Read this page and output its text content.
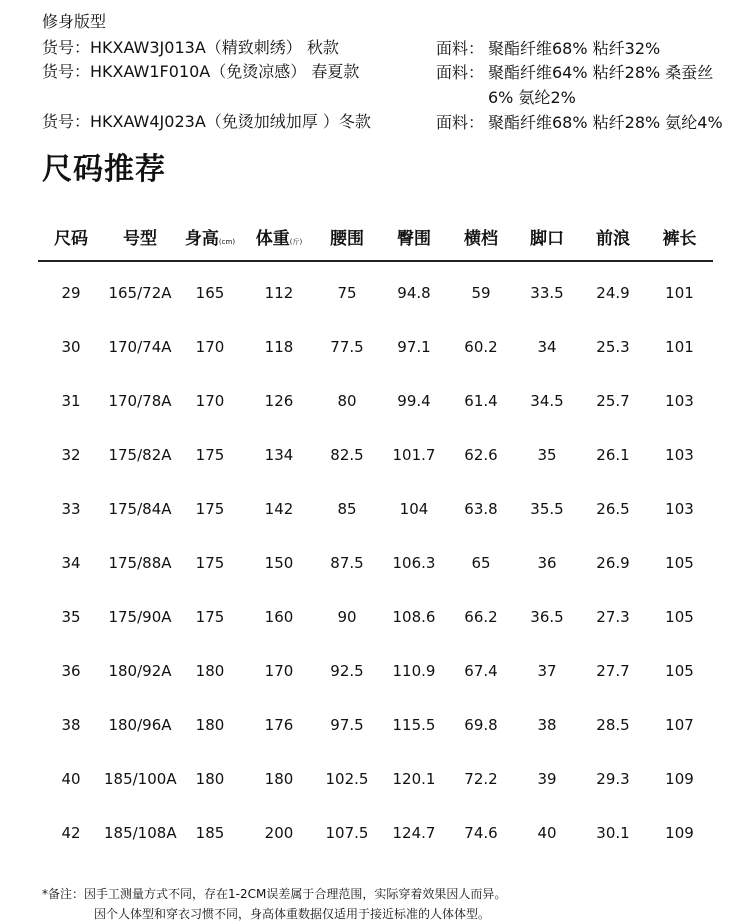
修身版型
货号：HKXAW3J013A（精致刺绣） 秋款	面料： 聚酯纤维68% 粘纤32%
货号：HKXAW1F010A（免烫凉感） 春夏款	面料： 聚酯纤维64% 粘纤28% 桑蚕丝6% 氨纶2%
货号：HKXAW4J023A（免烫加绒加厚 ）冬款	面料： 聚酯纤维68% 粘纤28% 氨纶4%
尺码推荐
尺码	号型	身高(cm)	体重(斤)	腰围	臀围	横档	脚口	前浪	裤长
29	165/72A	165	112	75	94.8	59	33.5	24.9	101
30	170/74A	170	118	77.5	97.1	60.2	34	25.3	101
31	170/78A	170	126	80	99.4	61.4	34.5	25.7	103
32	175/82A	175	134	82.5	101.7	62.6	35	26.1	103
33	175/84A	175	142	85	104	63.8	35.5	26.5	103
34	175/88A	175	150	87.5	106.3	65	36	26.9	105
35	175/90A	175	160	90	108.6	66.2	36.5	27.3	105
36	180/92A	180	170	92.5	110.9	67.4	37	27.7	105
38	180/96A	180	176	97.5	115.5	69.8	38	28.5	107
40	185/100A	180	180	102.5	120.1	72.2	39	29.3	109
42	185/108A	185	200	107.5	124.7	74.6	40	30.1	109
*备注：因手工测量方式不同，存在1-2CM误差属于合理范围，实际穿着效果因人而异。
因个人体型和穿衣习惯不同，身高体重数据仅适用于接近标准的人体体型。
